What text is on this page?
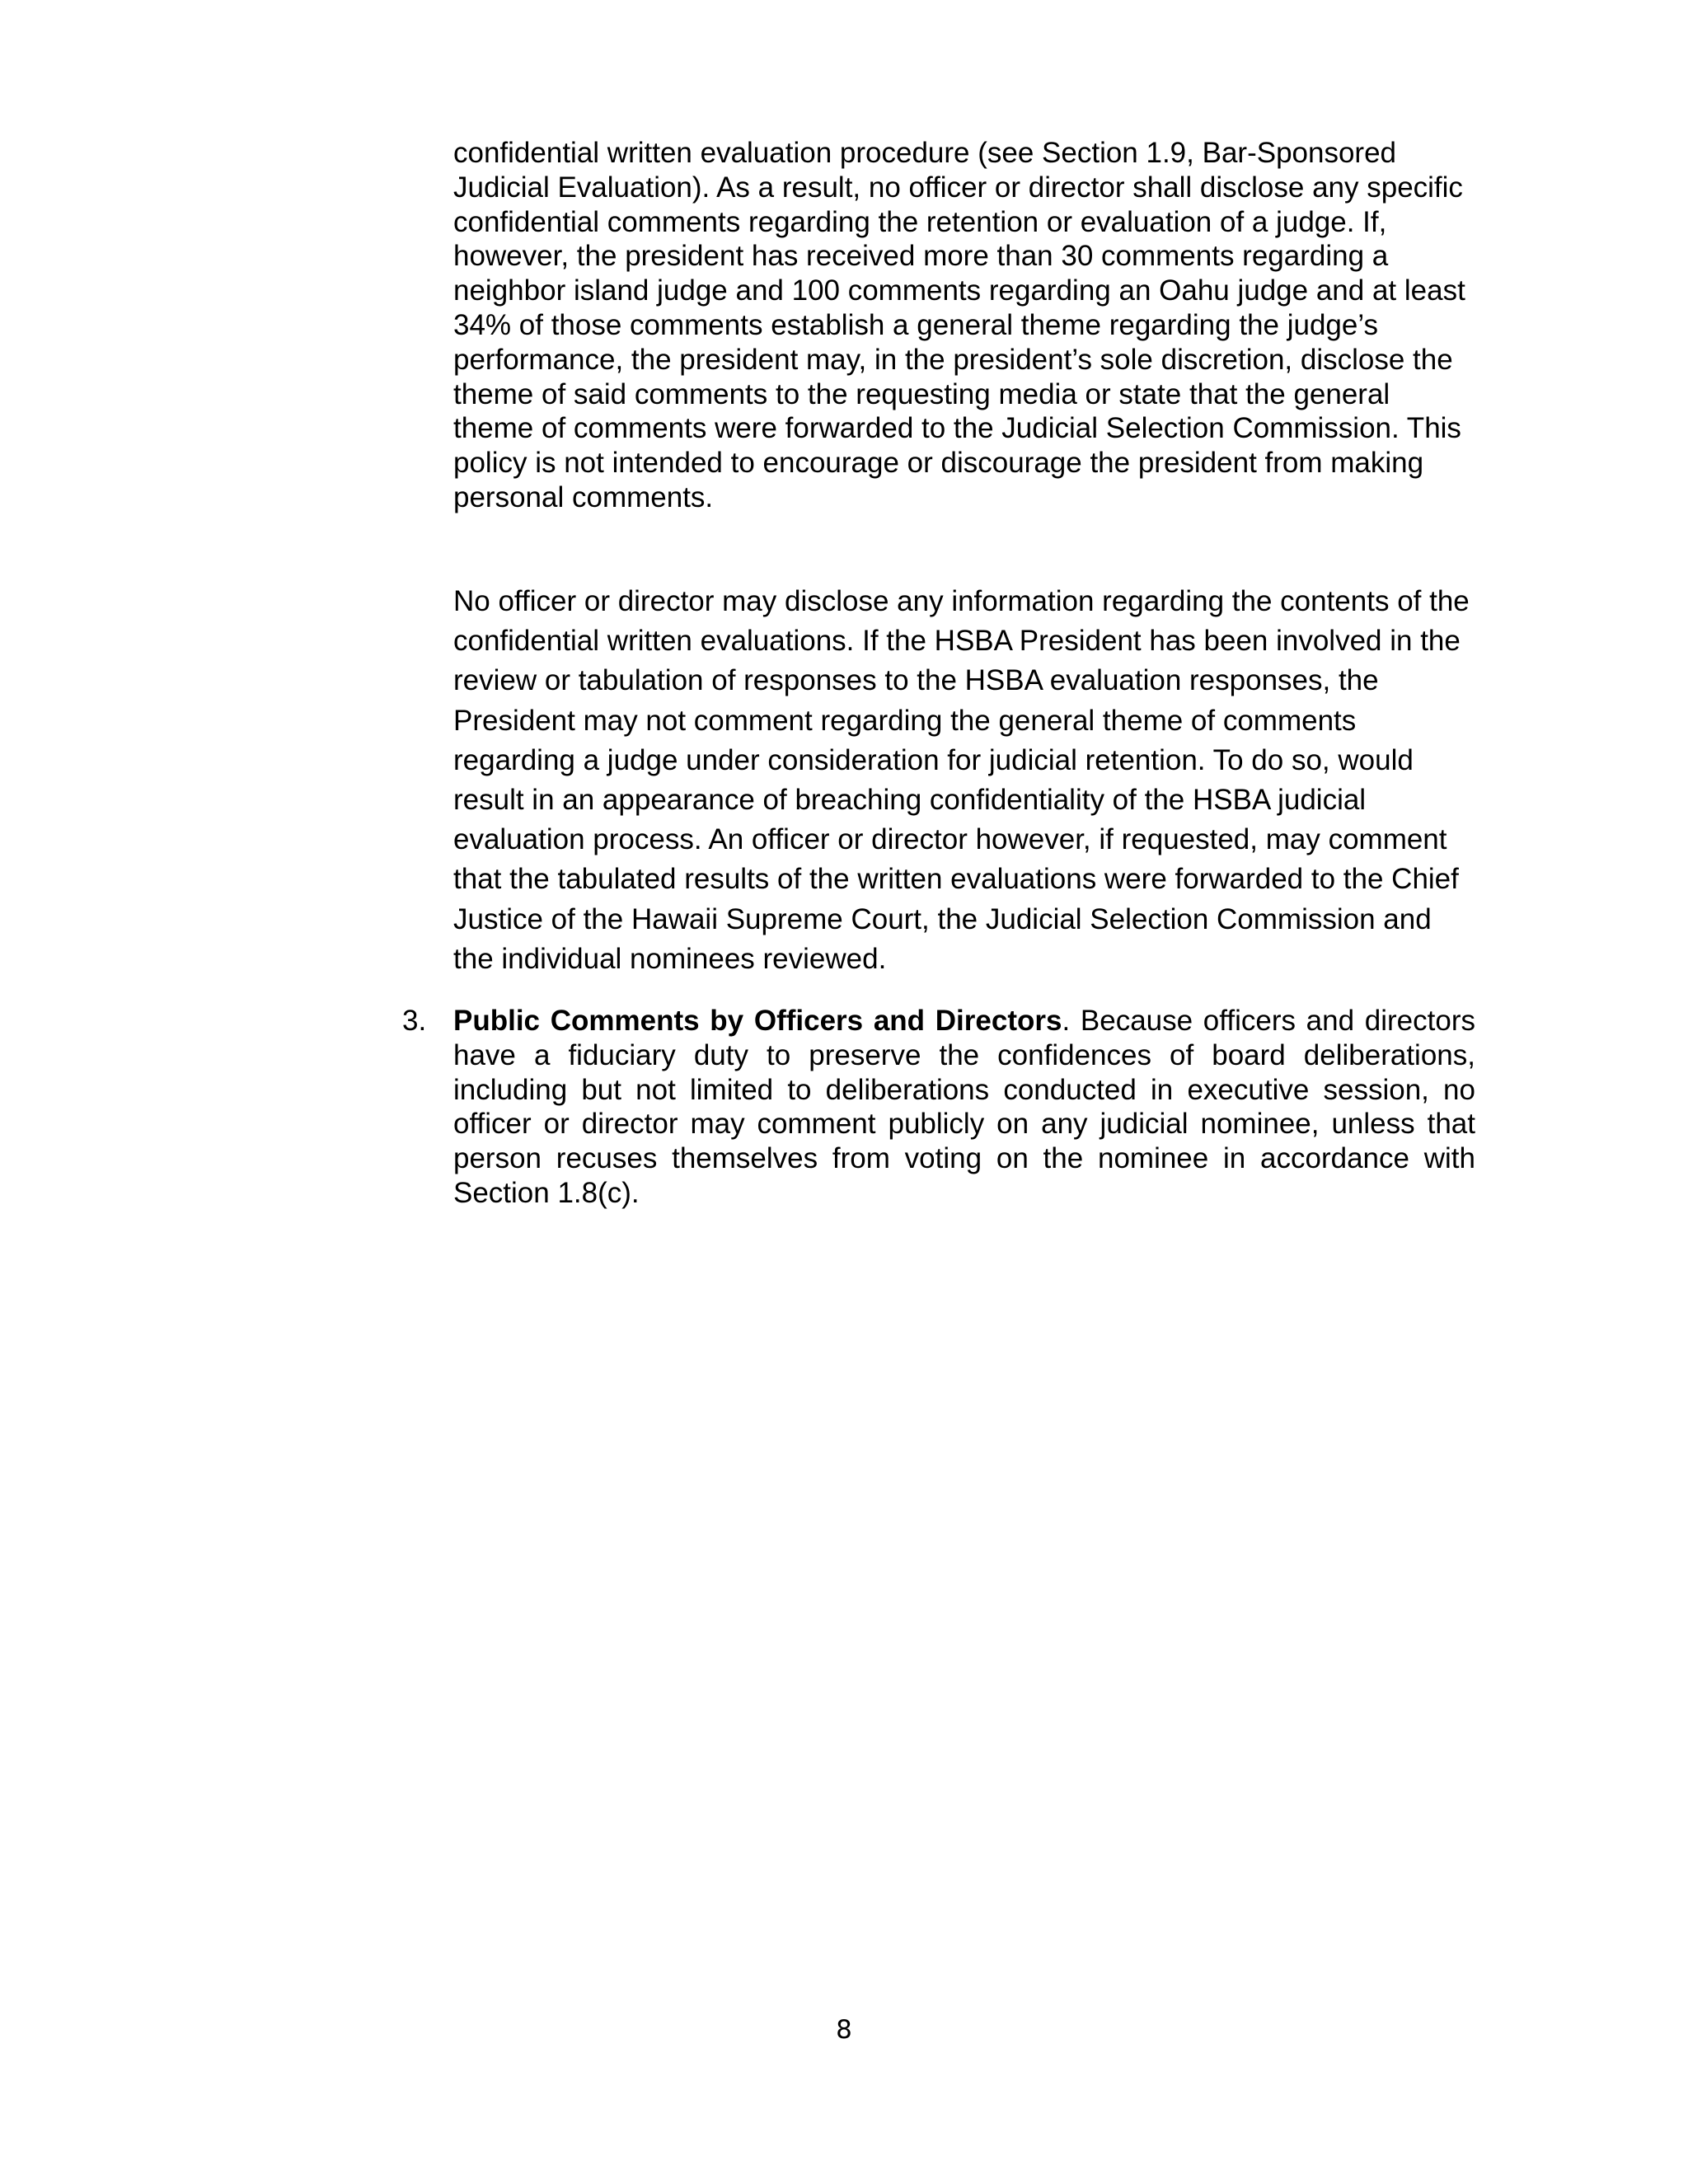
confidential written evaluation procedure (see Section 1.9, Bar-Sponsored Judicial Evaluation). As a result, no officer or director shall disclose any specific confidential comments regarding the retention or evaluation of a judge. If, however, the president has received more than 30 comments regarding a neighbor island judge and 100 comments regarding an Oahu judge and at least 34% of those comments establish a general theme regarding the judge’s performance, the president may, in the president’s sole discretion, disclose the theme of said comments to the requesting media or state that the general theme of comments were forwarded to the Judicial Selection Commission. This policy is not intended to encourage or discourage the president from making personal comments.

No officer or director may disclose any information regarding the contents of the confidential written evaluations. If the HSBA President has been involved in the review or tabulation of responses to the HSBA evaluation responses, the President may not comment regarding the general theme of comments regarding a judge under consideration for judicial retention. To do so, would result in an appearance of breaching confidentiality of the HSBA judicial evaluation process. An officer or director however, if requested, may comment that the tabulated results of the written evaluations were forwarded to the Chief Justice of the Hawaii Supreme Court, the Judicial Selection Commission and the individual nominees reviewed.

3. Public Comments by Officers and Directors. Because officers and directors have a fiduciary duty to preserve the confidences of board deliberations, including but not limited to deliberations conducted in executive session, no officer or director may comment publicly on any judicial nominee, unless that person recuses themselves from voting on the nominee in accordance with Section 1.8(c).

8
